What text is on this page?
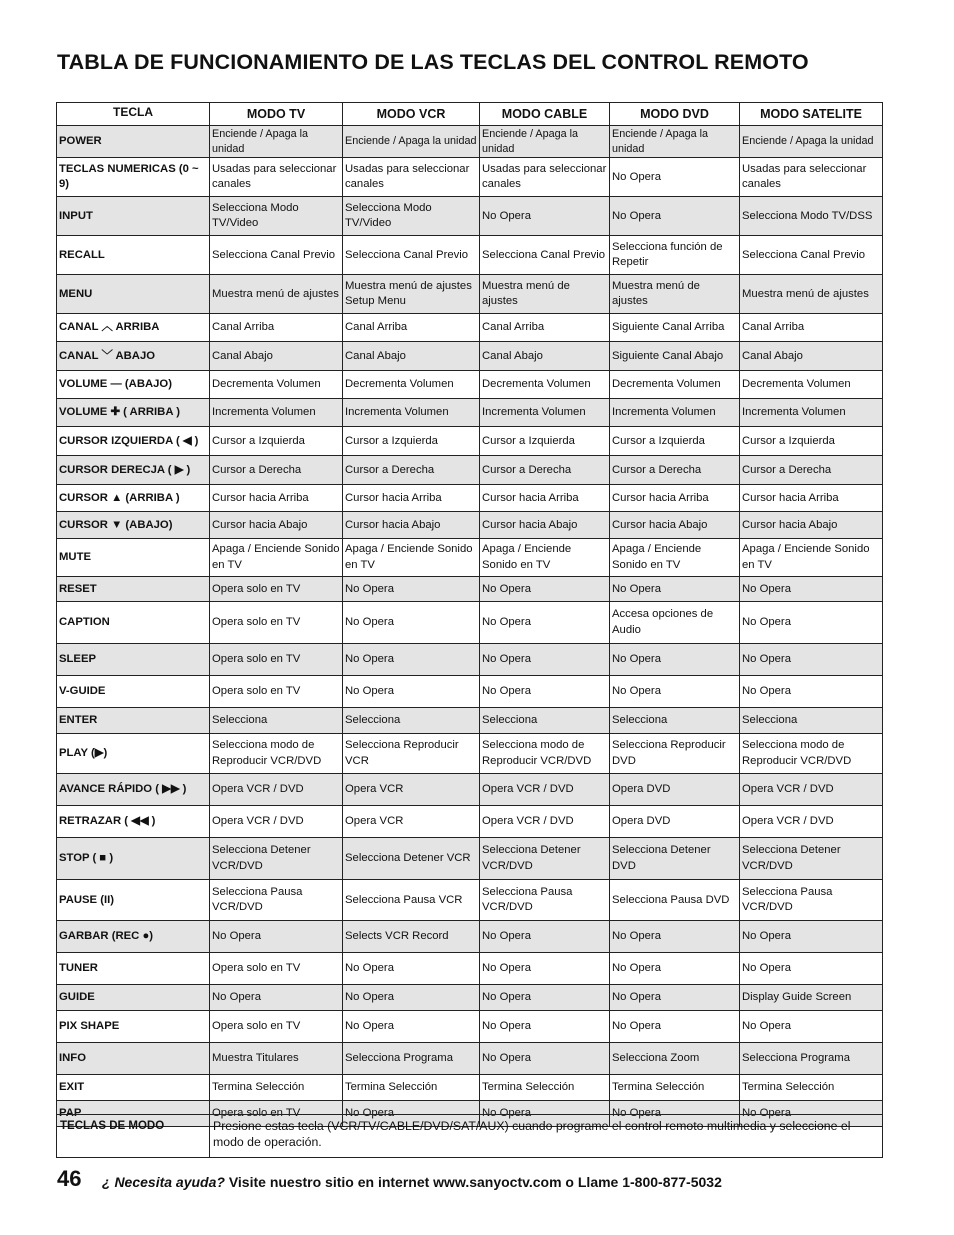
TABLA DE FUNCIONAMIENTO DE LAS TECLAS DEL CONTROL REMOTO
TECLA	MODO TV	MODO VCR	MODO CABLE	MODO DVD	MODO SATELITE
POWER	Enciende / Apaga la unidad	Enciende / Apaga la unidad	Enciende / Apaga la unidad	Enciende / Apaga la unidad	Enciende / Apaga la unidad
TECLAS NUMERICAS (0 ~ 9)	Usadas para seleccionar canales	Usadas para seleccionar canales	Usadas para seleccionar canales	No Opera	Usadas para seleccionar canales
INPUT	Selecciona Modo TV/Video	Selecciona Modo TV/Video	No Opera	No Opera	Selecciona Modo TV/DSS
RECALL	Selecciona Canal Previo	Selecciona Canal Previo	Selecciona Canal Previo	Selecciona función de Repetir	Selecciona Canal Previo
MENU	Muestra menú de ajustes	Muestra menú de ajustes Setup Menu	Muestra menú de ajustes	Muestra menú de ajustes	Muestra menú de ajustes
CANAL ︿ ARRIBA	Canal Arriba	Canal Arriba	Canal Arriba	Siguiente Canal Arriba	Canal Arriba
CANAL ﹀ ABAJO	Canal Abajo	Canal Abajo	Canal Abajo	Siguiente Canal Abajo	Canal Abajo
VOLUME — (ABAJO)	Decrementa Volumen	Decrementa Volumen	Decrementa Volumen	Decrementa Volumen	Decrementa Volumen
VOLUME ✚ ( ARRIBA )	Incrementa Volumen	Incrementa Volumen	Incrementa Volumen	Incrementa Volumen	Incrementa Volumen
CURSOR IZQUIERDA ( ◀ )	Cursor a Izquierda	Cursor a Izquierda	Cursor a Izquierda	Cursor a Izquierda	Cursor a Izquierda
CURSOR DERECJA ( ▶ )	Cursor a Derecha	Cursor a Derecha	Cursor a Derecha	Cursor a Derecha	Cursor a Derecha
CURSOR ▲ (ARRIBA )	Cursor hacia Arriba	Cursor hacia Arriba	Cursor hacia Arriba	Cursor hacia Arriba	Cursor hacia Arriba
CURSOR ▼ (ABAJO)	Cursor hacia Abajo	Cursor hacia Abajo	Cursor hacia Abajo	Cursor hacia Abajo	Cursor hacia Abajo
MUTE	Apaga / Enciende Sonido en TV	Apaga / Enciende Sonido en TV	Apaga / Enciende Sonido en TV	Apaga / Enciende Sonido en TV	Apaga / Enciende Sonido en TV
RESET	Opera solo en TV	No Opera	No Opera	No Opera	No Opera
CAPTION	Opera solo en TV	No Opera	No Opera	Accesa opciones de Audio	No Opera
SLEEP	Opera solo en TV	No Opera	No Opera	No Opera	No Opera
V-GUIDE	Opera solo en TV	No Opera	No Opera	No Opera	No Opera
ENTER	Selecciona	Selecciona	Selecciona	Selecciona	Selecciona
PLAY (▶)	Selecciona modo de Reproducir VCR/DVD	Selecciona Reproducir VCR	Selecciona modo de Reproducir VCR/DVD	Selecciona Reproducir DVD	Selecciona modo de Reproducir VCR/DVD
AVANCE RÁPIDO ( ▶▶ )	Opera VCR / DVD	Opera VCR	Opera VCR / DVD	Opera DVD	Opera VCR / DVD
RETRAZAR ( ◀◀ )	Opera VCR / DVD	Opera VCR	Opera VCR / DVD	Opera DVD	Opera VCR / DVD
STOP ( ■ )	Selecciona Detener VCR/DVD	Selecciona Detener VCR	Selecciona Detener VCR/DVD	Selecciona Detener DVD	Selecciona Detener VCR/DVD
PAUSE (II)	Selecciona Pausa VCR/DVD	Selecciona Pausa VCR	Selecciona Pausa VCR/DVD	Selecciona Pausa DVD	Selecciona Pausa VCR/DVD
GARBAR (REC ●)	No Opera	Selects VCR Record	No Opera	No Opera	No Opera
TUNER	Opera solo en TV	No Opera	No Opera	No Opera	No Opera
GUIDE	No Opera	No Opera	No Opera	No Opera	Display Guide Screen
PIX SHAPE	Opera solo en TV	No Opera	No Opera	No Opera	No Opera
INFO	Muestra Titulares	Selecciona Programa	No Opera	Selecciona Zoom	Selecciona Programa
EXIT	Termina Selección	Termina Selección	Termina Selección	Termina Selección	Termina Selección
PAP	Opera solo en TV	No Opera	No Opera	No Opera	No Opera
TECLAS DE MODO	Presione estas tecla (VCR/TV/CABLE/DVD/SAT/AUX) cuando programe el control remoto multimedia y seleccione el modo de operación.
46 ¿ Necesita ayuda? Visite nuestro sitio en internet www.sanyoctv.com o Llame 1-800-877-5032
